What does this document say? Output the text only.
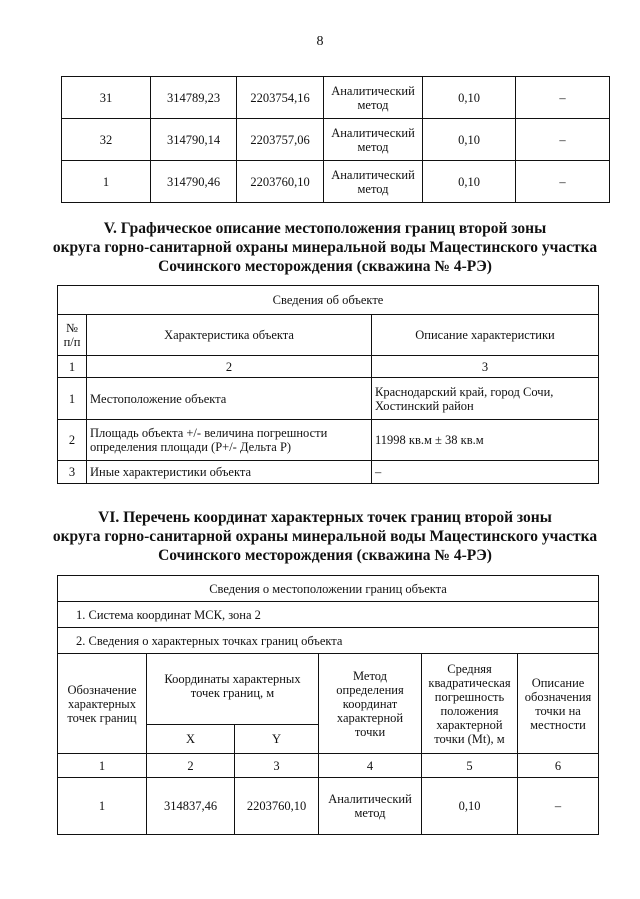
8
31	314789,23	2203754,16	Аналитический метод	0,10	–
32	314790,14	2203757,06	Аналитический метод	0,10	–
1	314790,46	2203760,10	Аналитический метод	0,10	–
V. Графическое описание местоположения границ второй зоны
округа горно-санитарной охраны минеральной воды Мацестинского участка
Сочинского месторождения (скважина № 4-РЭ)
Сведения об объекте		
№ п/п	Характеристика объекта	Описание характеристики
1	2	3
1	Местоположение объекта	Краснодарский край, город Сочи, Хостинский район
2	Площадь объекта +/- величина погрешности определения площади (P+/- Дельта P)	11998 кв.м ± 38 кв.м
3	Иные характеристики объекта	–
VI. Перечень координат характерных точек границ второй зоны
округа горно-санитарной охраны минеральной воды Мацестинского участка
Сочинского месторождения (скважина № 4-РЭ)
Сведения о местоположении границ объекта					
1. Система координат МСК, зона 2					
2. Сведения о характерных точках границ объекта					
Обозначение характерных точек границ	Координаты характерных точек границ, м		Метод определения координат характерной точки	Средняя квадратическая погрешность положения характерной точки (Mt), м	Описание обозначения точки на местности
	X	Y			
1	2	3	4	5	6
1	314837,46	2203760,10	Аналитический метод	0,10	–
